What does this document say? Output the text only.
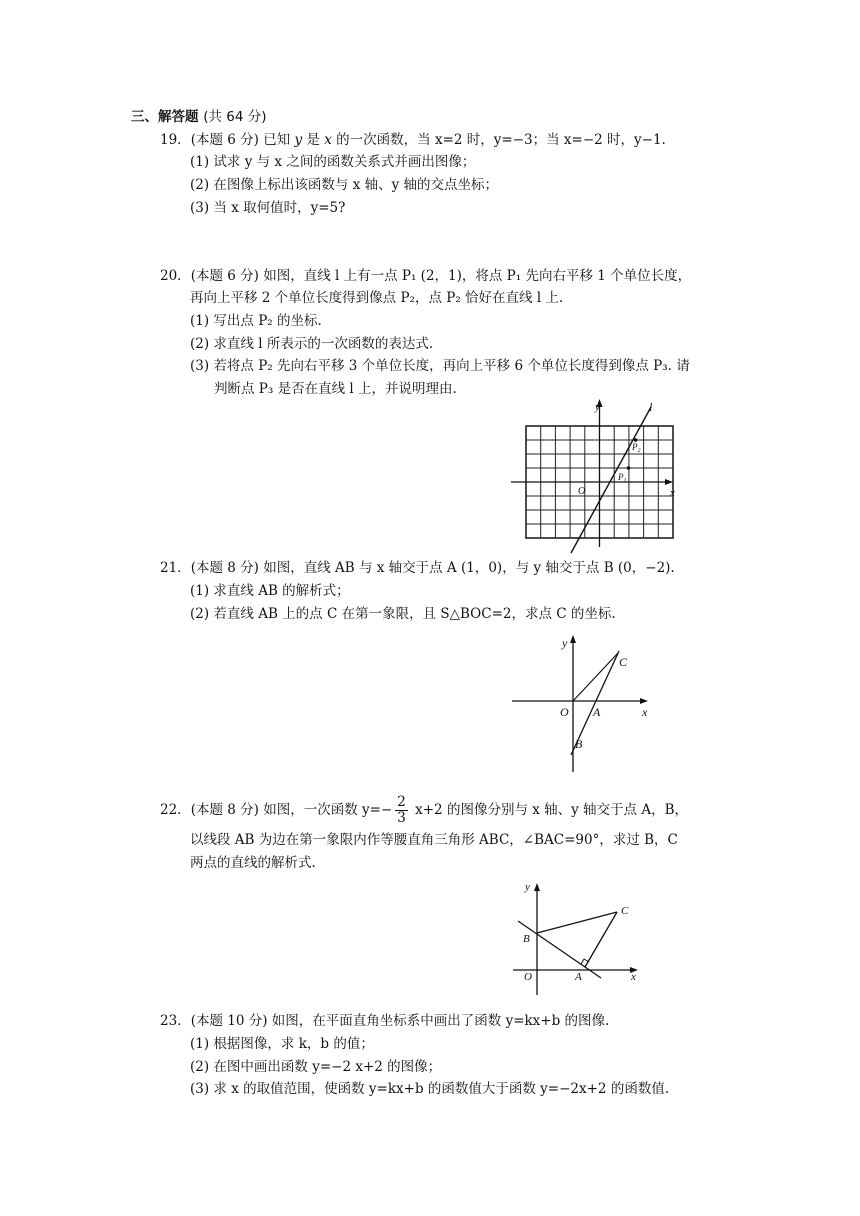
三、解答题 (共 64 分)
19．(本题 6 分) 已知 y 是 x 的一次函数，当 x=2 时，y=−3；当 x=−2 时，y−1.
(1) 试求 y 与 x 之间的函数关系式并画出图像；
(2) 在图像上标出该函数与 x 轴、y 轴的交点坐标；
(3) 当 x 取何值时，y=5?
20．(本题 6 分) 如图，直线 l 上有一点 P₁ (2，1)，将点 P₁ 先向右平移 1 个单位长度，
再向上平移 2 个单位长度得到像点 P₂，点 P₂ 恰好在直线 l 上.
(1) 写出点 P₂ 的坐标.
(2) 求直线 l 所表示的一次函数的表达式.
(3) 若将点 P₂ 先向右平移 3 个单位长度，再向上平移 6 个单位长度得到像点 P₃. 请
判断点 P₃ 是否在直线 l 上，并说明理由.
y
x
l
O
$P_1$
$P_2$
21．(本题 8 分) 如图，直线 AB 与 x 轴交于点 A (1，0)，与 y 轴交于点 B (0，−2).
(1) 求直线 AB 的解析式；
(2) 若直线 AB 上的点 C 在第一象限，且 S△BOC=2，求点 C 的坐标.
y
x
O A
B
C
22．(本题 8 分) 如图，一次函数 $y=- \frac{2}{3} x+2$ 的图像分别与 x 轴、y 轴交于点 A，B，
以线段 AB 为边在第一象限内作等腰直角三角形 ABC，∠BAC=90°，求过 B，C
两点的直线的解析式.
y
x
O	A
B
C
23．(本题 10 分) 如图，在平面直角坐标系中画出了函数 y=kx+b 的图像.
(1) 根据图像，求 k，b 的值；
(2) 在图中画出函数 y=−2 x+2 的图像；
(3) 求 x 的取值范围，使函数 y=kx+b 的函数值大于函数 y=−2x+2 的函数值.
